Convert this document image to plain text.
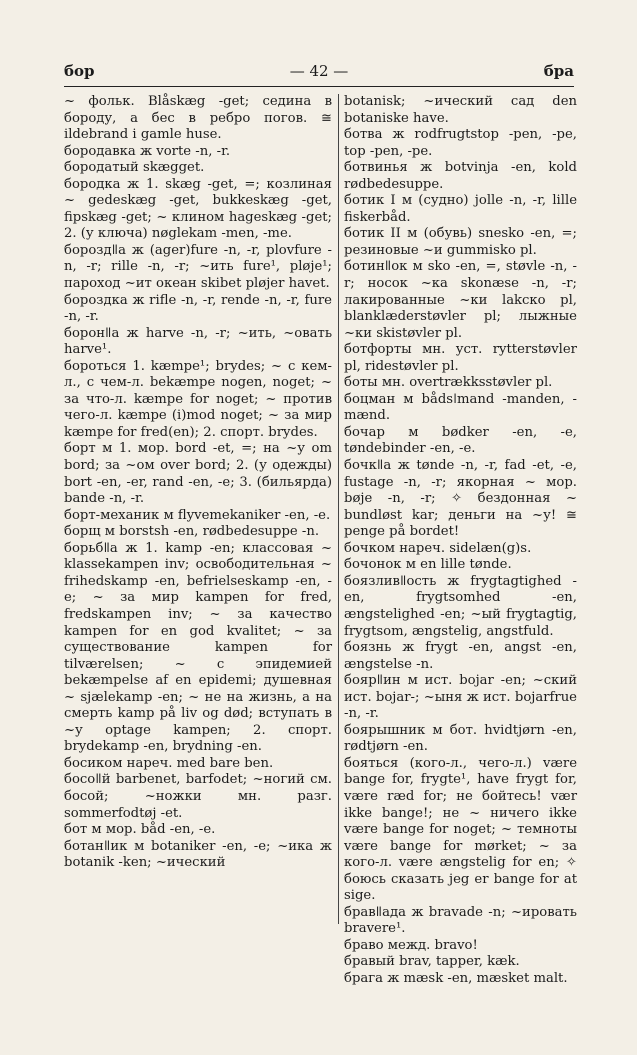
бор	— 42 —	бра
~ фольк. Blåskæg -get; седина в бороду, а бес в ребро погов. ≅ ildebrand i gamle huse.
бородавка ж vorte -n, -r.
бородатый skægget.
бородка ж 1. skæg -get, =; козлиная ~ gedeskæg -get, bukkeskæg -get, fipskæg -get; ~ клином hageskæg -get; 2. (у ключа) nøglekam -men, -me.
бороздǁа ж (ager)fure -n, -r, plovfure -n, -r; rille -n, -r; ~ить fure¹, pløje¹; пароход ~ит океан skibet pløjer havet.
бороздка ж rifle -n, -r, rende -n, -r, fure -n, -r.
боронǁа ж harve -n, -r; ~ить, ~овать harve¹.
бороться 1. kæmpe¹; brydes; ~ с кем-л., с чем-л. bekæmpe nogen, noget; ~ за что-л. kæmpe for noget; ~ против чего-л. kæmpe (i)mod noget; ~ за мир kæmpe for fred(en); 2. спорт. brydes.
борт м 1. мор. bord -et, =; на ~у om bord; за ~ом over bord; 2. (у одежды) bort -en, -er, rand -en, -e; 3. (бильярда) bande -n, -r.
борт-механик м flyvemekaniker -en, -e.
борщ м borstsh -en, rødbedesuppe -n.
борьбǁа ж 1. kamp -en; классовая ~ klassekampen inv; освободительная ~ frihedskamp -en, befrielseskamp -en, -e; ~ за мир kampen for fred, fredskampen inv; ~ за качество kampen for en god kvalitet; ~ за существование kampen for tilværelsen; ~ с эпидемией bekæmpelse af en epidemi; душевная ~ sjælekamp -en; ~ не на жизнь, а на смерть kamp på liv og død; вступать в ~у optage kampen; 2. спорт. brydekamp -en, brydning -en.
босиком нареч. med bare ben.
босоǁй barbenet, barfodet; ~ногий см. босой; ~ножки мн. разг. sommerfodtøj -et.
бот м мор. båd -en, -e.
ботанǁик м botaniker -en, -e; ~ика ж botanik -ken; ~ический
botanisk; ~ический сад den botaniske have.
ботва ж rodfrugtstop -pen, -pe, top -pen, -pe.
ботвинья ж botvinja -en, kold rødbedesuppe.
ботик I м (судно) jolle -n, -r, lille fiskerbåd.
ботик II м (обувь) snesko -en, =; резиновые ~и gummisko pl.
ботинǁок м sko -en, =, støvle -n, -r; носок ~ка skonæse -n, -r; лакированные ~ки lakско pl, blanklæderstøvler pl; лыжные ~ки skistøvler pl.
ботфорты мн. уст. rytterstøvler pl, ridestøvler pl.
боты мн. overtrækksstøvler pl.
боцман м bådsǀmand -manden, -mænd.
бочар м bødker -en, -e, tøndebinder -en, -e.
бочкǁа ж tønde -n, -r, fad -et, -e, fustage -n, -r; якорная ~ мор. bøje -n, -r; ✧ бездонная ~ bundløst kar; деньги на ~у! ≅ penge på bordet!
бочком нареч. sidelæn(g)s.
бочонок м en lille tønde.
боязливǁость ж frygtagtighed -en, frygtsomhed -en, ængstelighed -en; ~ый frygtagtig, frygtsom, ængstelig, angstfuld.
боязнь ж frygt -en, angst -en, ængstelse -n.
боярǁин м ист. bojar -en; ~ский ист. bojar-; ~ыня ж ист. bojarfrue -n, -r.
боярышник м бот. hvidtjørn -en, rødtjørn -en.
бояться (кого-л., чего-л.) være bange for, frygte¹, have frygt for, være ræd for; не бойтесь! vær ikke bange!; не ~ ничего ikke være bange for noget; ~ темноты være bange for mørket; ~ за кого-л. være ængstelig for en; ✧ боюсь сказать jeg er bange for at sige.
бравǁада ж bravade -n; ~ировать bravere¹.
браво межд. bravo!
бравый brav, tapper, kæk.
брага ж mæsk -en, mæsket malt.
